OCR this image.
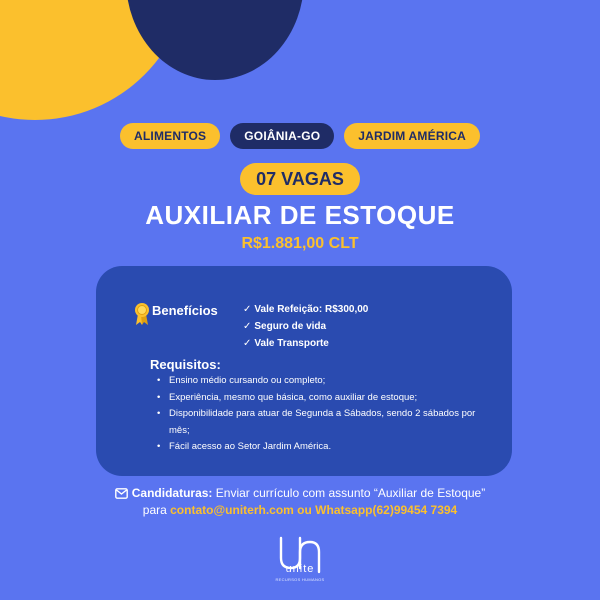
ALIMENTOS	GOIÂNIA-GO	JARDIM AMÉRICA
07 VAGAS
AUXILIAR DE ESTOQUE
R$1.881,00 CLT
Benefícios	✓ Vale Refeição: R$300,00
✓ Seguro de vida
✓ Vale Transporte
Requisitos:
• Ensino médio cursando ou completo;
• Experiência, mesmo que básica, como auxiliar de estoque;
• Disponibilidade para atuar de Segunda a Sábados, sendo 2 sábados por mês;
• Fácil acesso ao Setor Jardim América.
Candidaturas: Enviar currículo com assunto “Auxiliar de Estoque”
para contato@uniterh.com ou Whatsapp(62)99454 7394
unite
RECURSOS HUMANOS
